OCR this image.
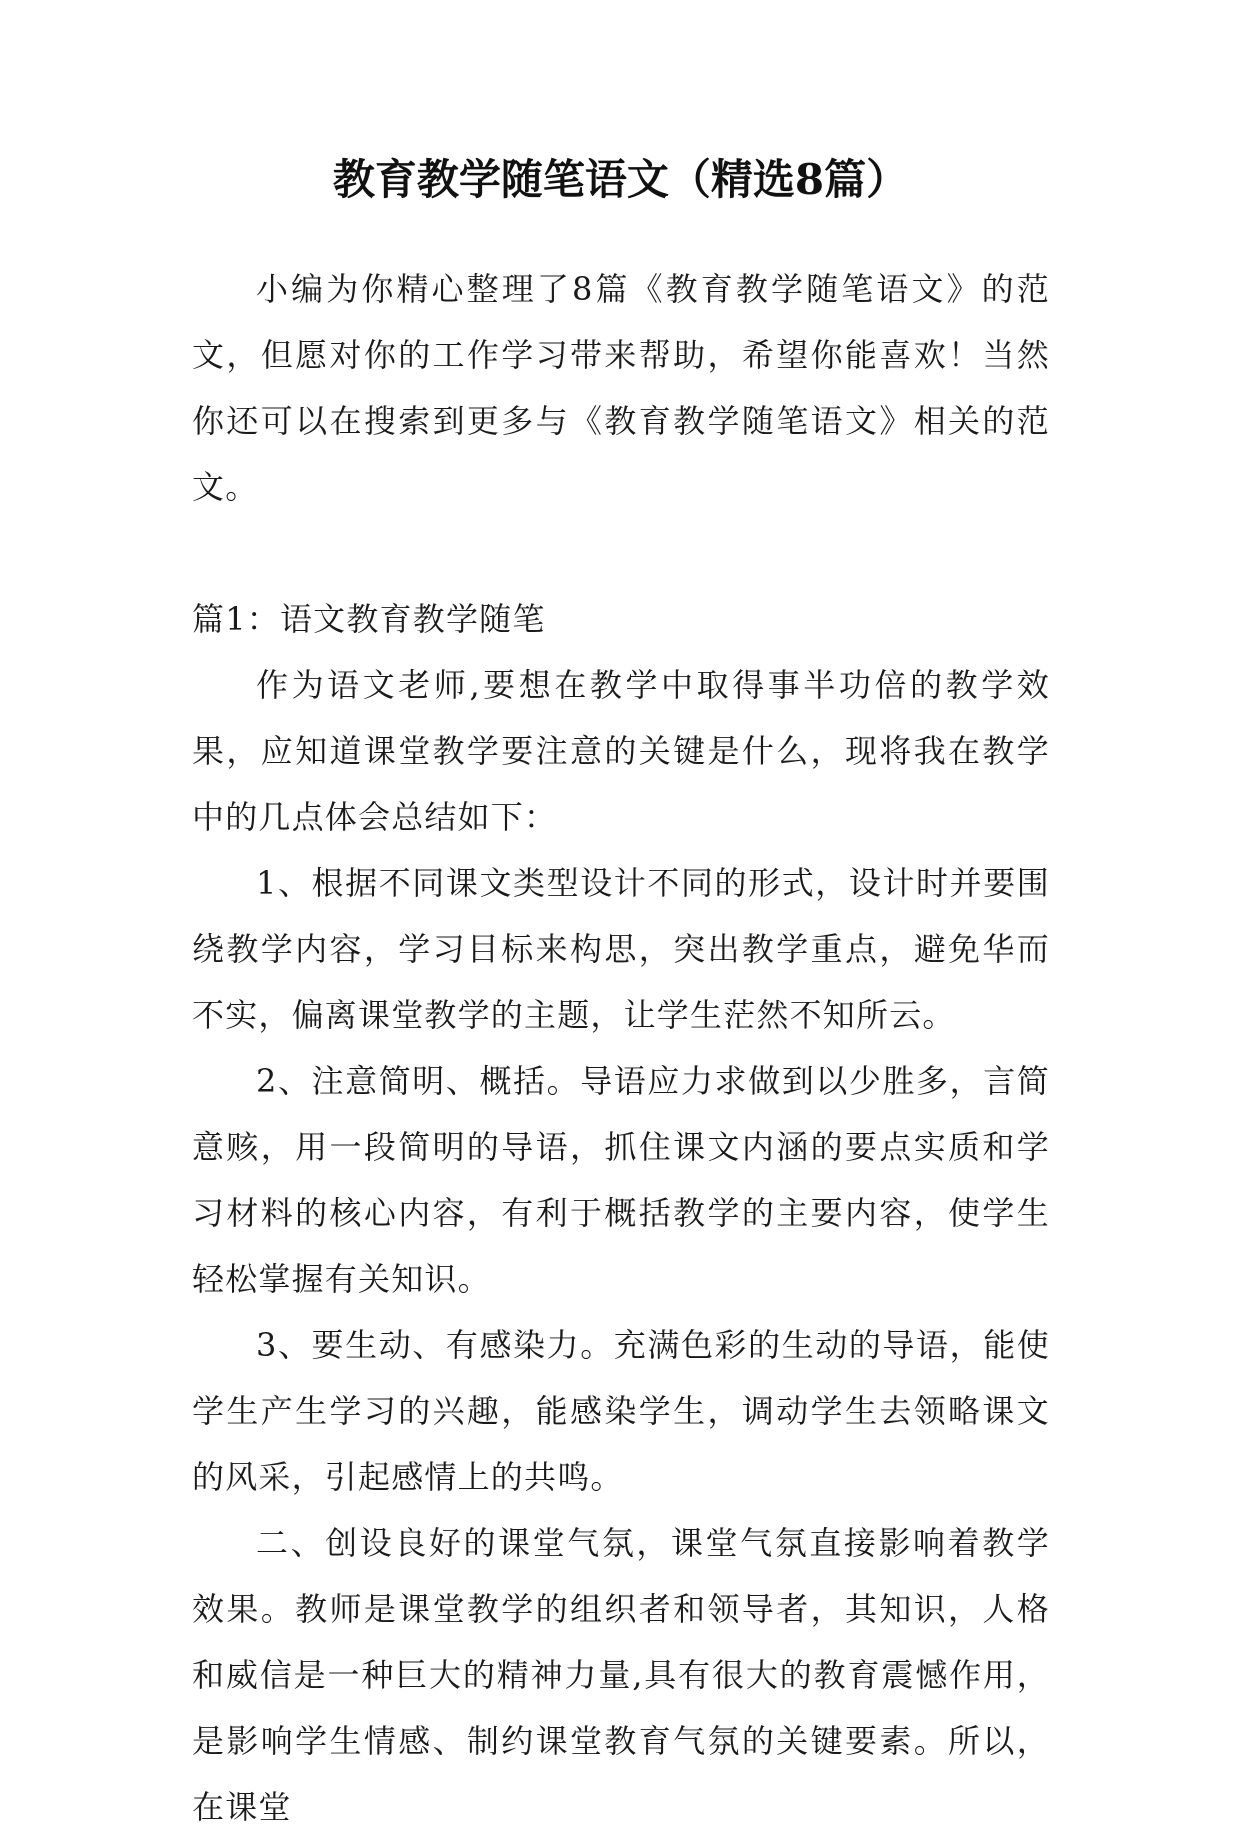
教育教学随笔语文（精选8篇）

小编为你精心整理了8篇《教育教学随笔语文》的范文，但愿对你的工作学习带来帮助，希望你能喜欢！当然你还可以在搜索到更多与《教育教学随笔语文》相关的范文。

篇1：语文教育教学随笔

作为语文老师,要想在教学中取得事半功倍的教学效果，应知道课堂教学要注意的关键是什么，现将我在教学中的几点体会总结如下：

1、根据不同课文类型设计不同的形式，设计时并要围绕教学内容，学习目标来构思，突出教学重点，避免华而不实，偏离课堂教学的主题，让学生茫然不知所云。

2、注意简明、概括。导语应力求做到以少胜多，言简意赅，用一段简明的导语，抓住课文内涵的要点实质和学习材料的核心内容，有利于概括教学的主要内容，使学生轻松掌握有关知识。

3、要生动、有感染力。充满色彩的生动的导语，能使学生产生学习的兴趣，能感染学生，调动学生去领略课文的风采，引起感情上的共鸣。

二、创设良好的课堂气氛，课堂气氛直接影响着教学效果。教师是课堂教学的组织者和领导者，其知识，人格和威信是一种巨大的精神力量,具有很大的教育震憾作用，是影响学生情感、制约课堂教育气氛的关键要素。所以，在课堂
